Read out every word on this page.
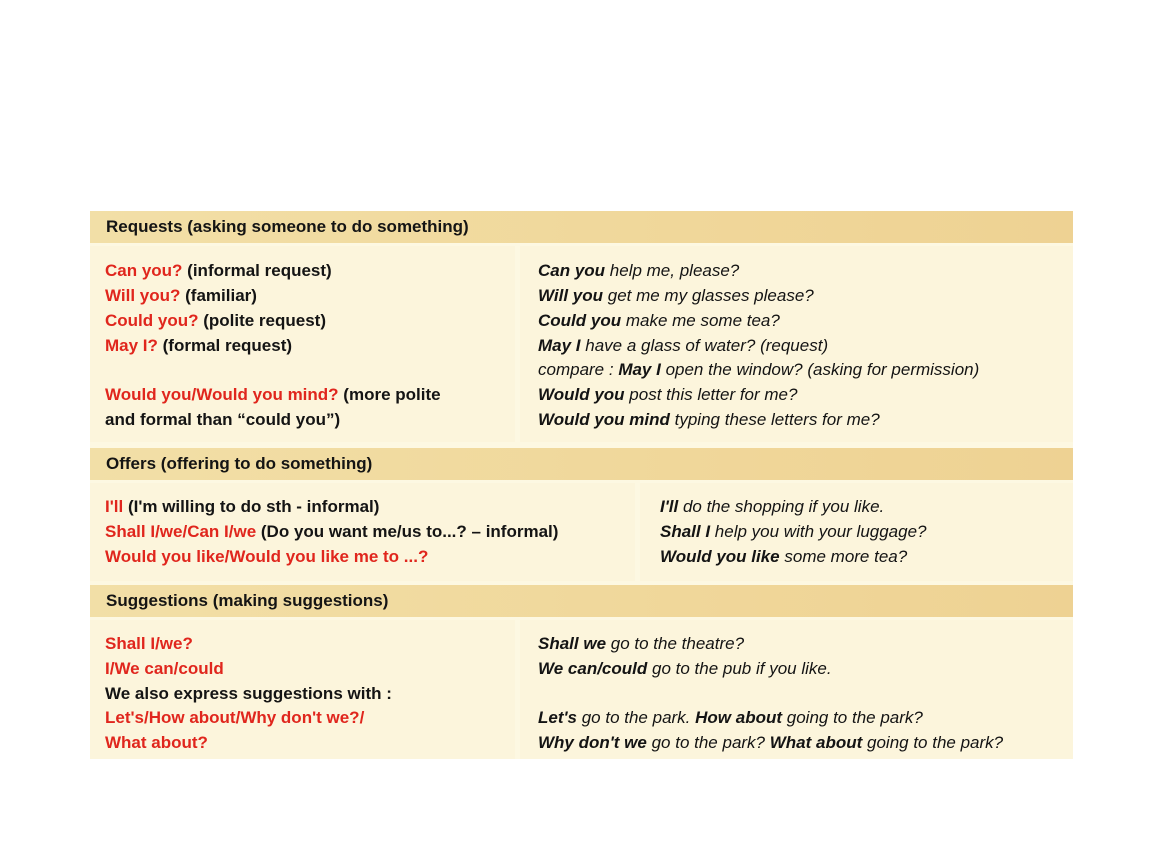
Requests (asking someone to do something)
Can you? (informal request)
Will you? (familiar)
Could you? (polite request)
May I? (formal request)
Would you/Would you mind? (more polite
and formal than “could you”)
Can you help me, please?
Will you get me my glasses please?
Could you make me some tea?
May I have a glass of water? (request)
compare : May I open the window? (asking for permission)
Would you post this letter for me?
Would you mind typing these letters for me?
Offers (offering to do something)
I'll (I'm willing to do sth - informal)
Shall I/we/Can I/we (Do you want me/us to...? – informal)
Would you like/Would you like me to ...?
I'll do the shopping if you like.
Shall I help you with your luggage?
Would you like some more tea?
Suggestions (making suggestions)
Shall I/we?
I/We can/could
We also express suggestions with :
Let's/How about/Why don't we?/
What about?
Shall we go to the theatre?
We can/could go to the pub if you like.
Let's go to the park. How about going to the park?
Why don't we go to the park? What about going to the park?
